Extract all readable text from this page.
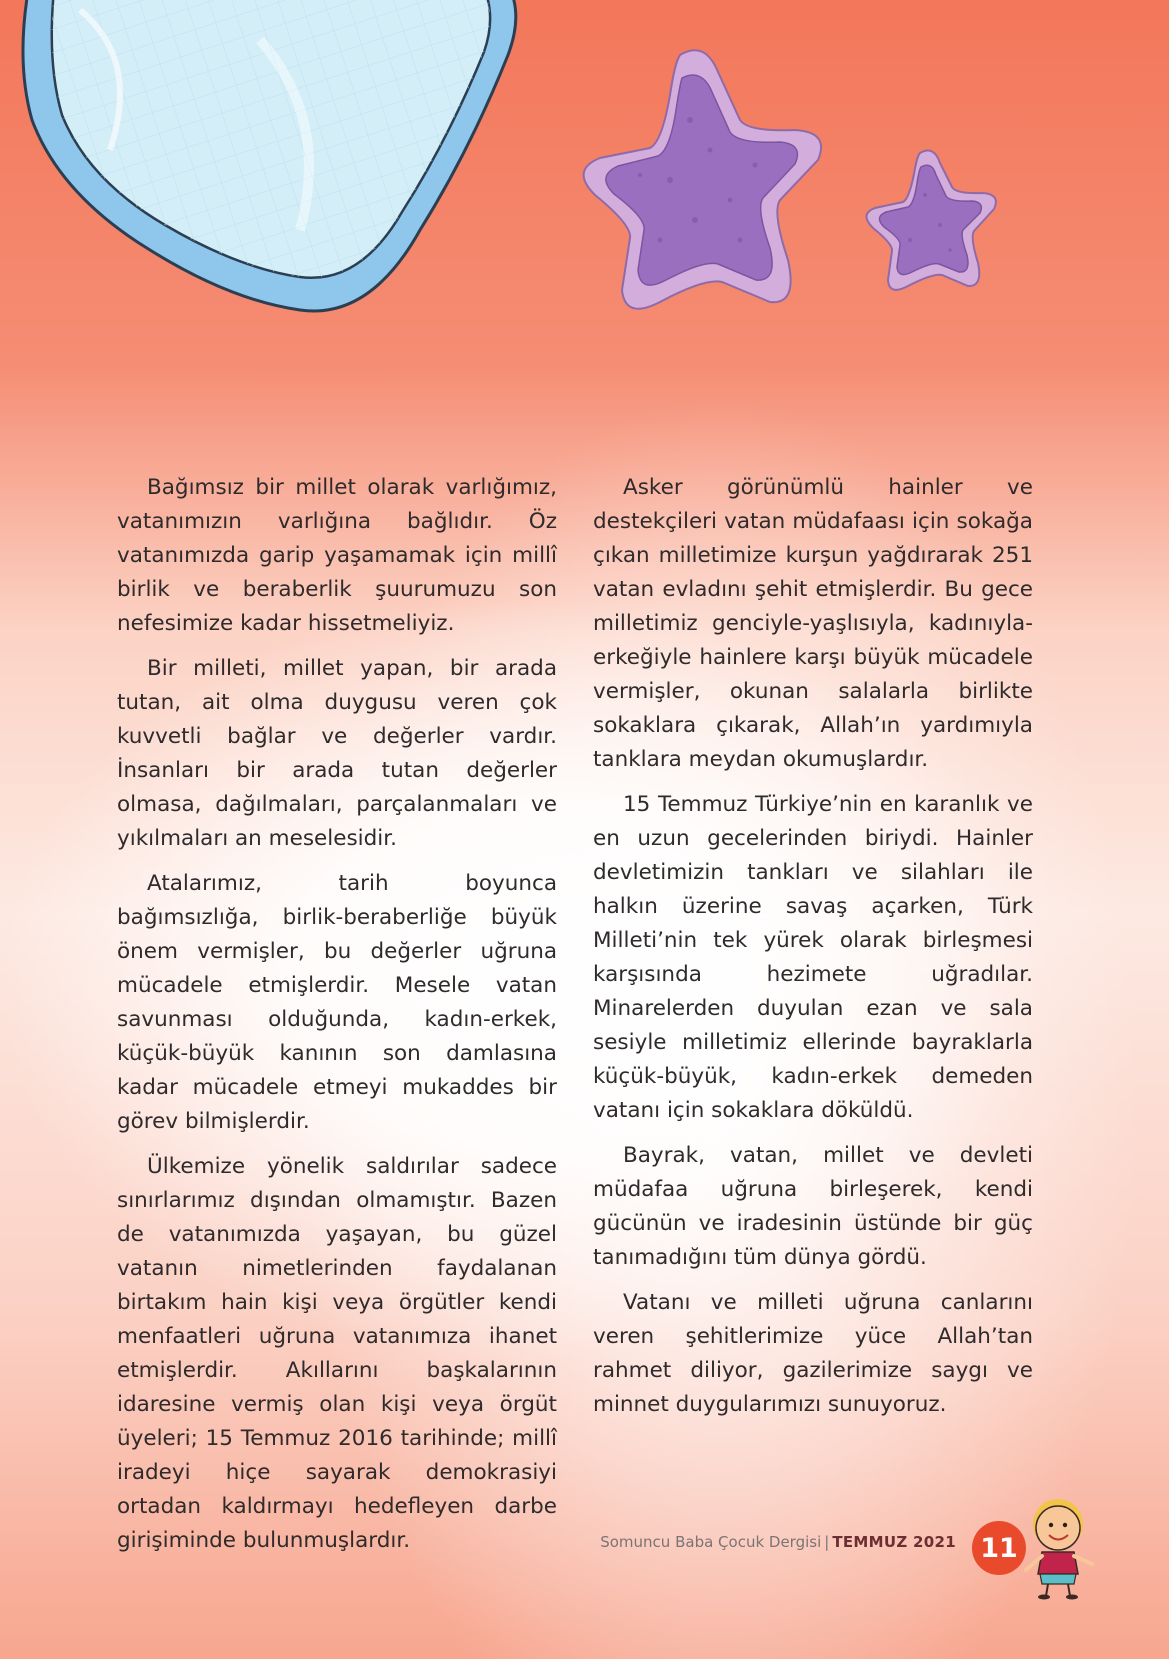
Bağımsız bir millet olarak varlığımız, vatanımızın varlığına bağlıdır. Öz vatanımızda garip yaşamamak için millî birlik ve beraberlik şuurumuzu son nefesimize kadar hissetmeliyiz.

Bir milleti, millet yapan, bir arada tutan, ait olma duygusu veren çok kuvvetli bağlar ve değerler vardır. İnsanları bir arada tutan değerler olmasa, dağılmaları, parçalanmaları ve yıkılmaları an meselesidir.

Atalarımız, tarih boyunca bağımsızlığa, birlik-beraberliğe büyük önem vermişler, bu değerler uğruna mücadele etmişlerdir. Mesele vatan savunması olduğunda, kadın-erkek, küçük-büyük kanının son damlasına kadar mücadele etmeyi mukaddes bir görev bilmişlerdir.

Ülkemize yönelik saldırılar sadece sınırlarımız dışından olmamıştır. Bazen de vatanımızda yaşayan, bu güzel vatanın nimetlerinden faydalanan birtakım hain kişi veya örgütler kendi menfaatleri uğruna vatanımıza ihanet etmişlerdir. Akıllarını başkalarının idaresine vermiş olan kişi veya örgüt üyeleri; 15 Temmuz 2016 tarihinde; millî iradeyi hiçe sayarak demokrasiyi ortadan kaldırmayı hedefleyen darbe girişiminde bulunmuşlardır.

Asker görünümlü hainler ve destekçileri vatan müdafaası için sokağa çıkan milletimize kurşun yağdırarak 251 vatan evladını şehit etmişlerdir. Bu gece milletimiz genciyle-yaşlısıyla, kadınıyla-erkeğiyle hainlere karşı büyük mücadele vermişler, okunan salalarla birlikte sokaklara çıkarak, Allah’ın yardımıyla tanklara meydan okumuşlardır.

15 Temmuz Türkiye’nin en karanlık ve en uzun gecelerinden biriydi. Hainler devletimizin tankları ve silahları ile halkın üzerine savaş açarken, Türk Milleti’nin tek yürek olarak birleşmesi karşısında hezimete uğradılar. Minarelerden duyulan ezan ve sala sesiyle milletimiz ellerinde bayraklarla küçük-büyük, kadın-erkek demeden vatanı için sokaklara döküldü.

Bayrak, vatan, millet ve devleti müdafaa uğruna birleşerek, kendi gücünün ve iradesinin üstünde bir güç tanımadığını tüm dünya gördü.

Vatanı ve milleti uğruna canlarını veren şehitlerimize yüce Allah’tan rahmet diliyor, gazilerimize saygı ve minnet duygularımızı sunuyoruz.

Somuncu Baba Çocuk Dergisi | TEMMUZ 2021 11
